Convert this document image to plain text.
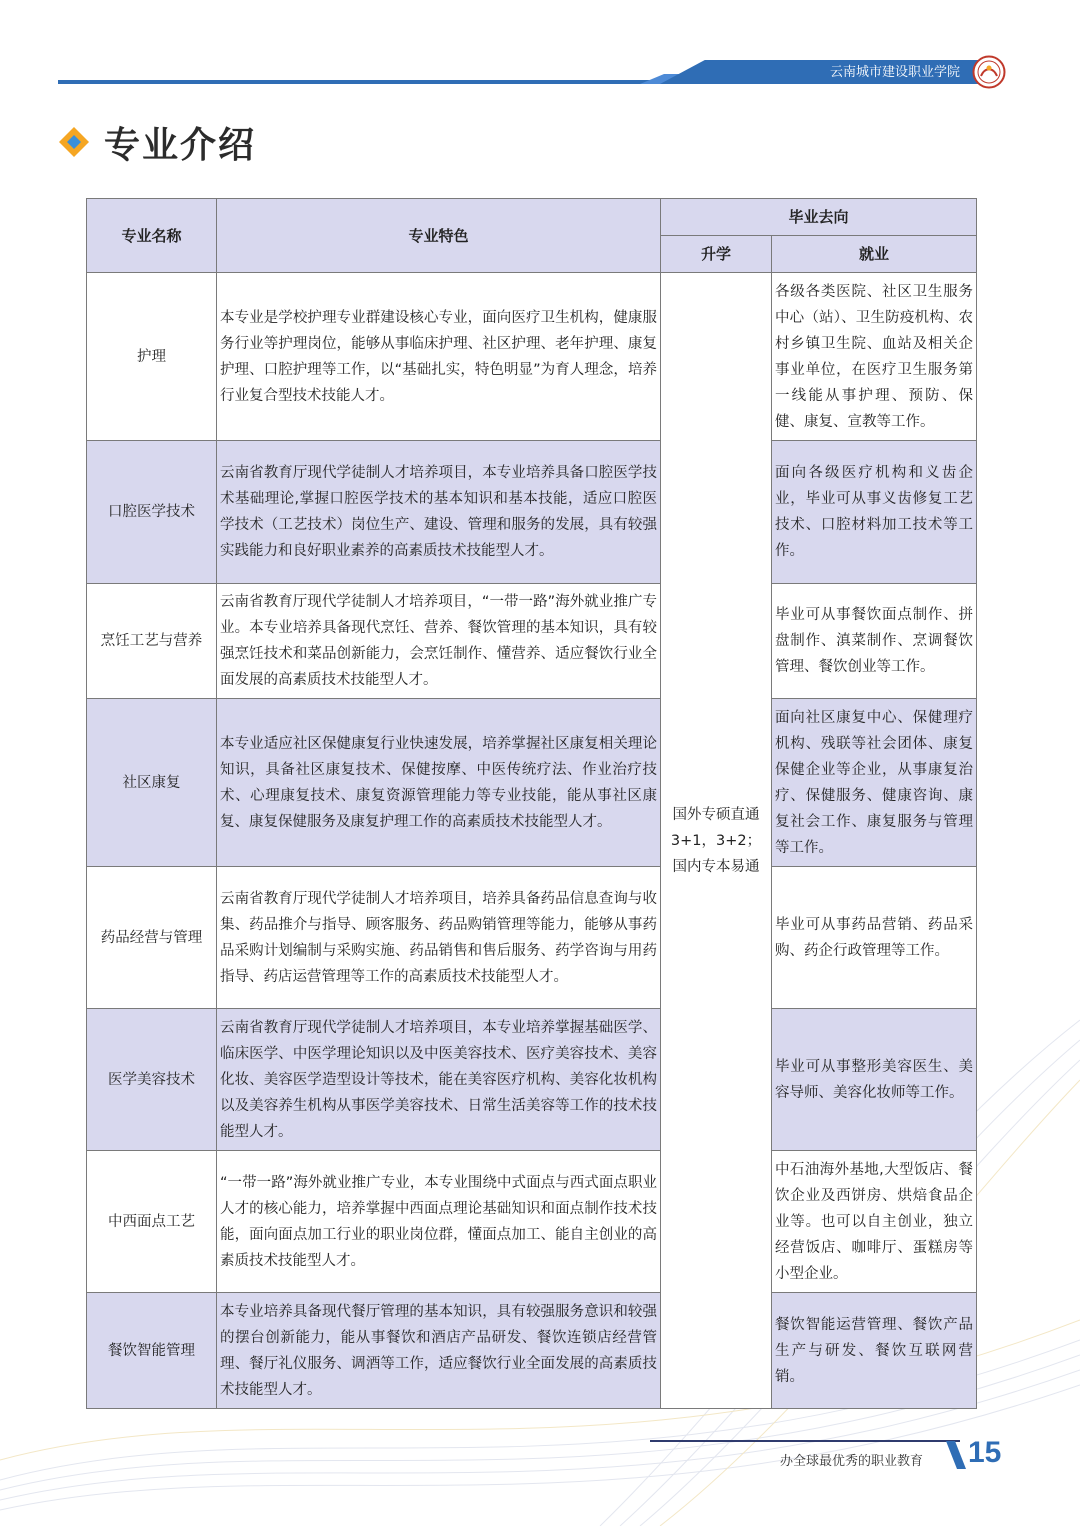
云南城市建设职业学院
专业介绍
专业名称	专业特色	毕业去向	
		升学	就业
护理	本专业是学校护理专业群建设核心专业，面向医疗卫生机构，健康服务行业等护理岗位，能够从事临床护理、社区护理、老年护理、康复护理、口腔护理等工作，以“基础扎实，特色明显”为育人理念，培养行业复合型技术技能人才。	国外专硕直通
3+1，3+2；
国内专本易通	各级各类医院、社区卫生服务中心（站）、卫生防疫机构、农村乡镇卫生院、血站及相关企事业单位，在医疗卫生服务第一线能从事护理、预防、保健、康复、宣教等工作。
口腔医学技术	云南省教育厅现代学徒制人才培养项目，本专业培养具备口腔医学技术基础理论,掌握口腔医学技术的基本知识和基本技能，适应口腔医学技术（工艺技术）岗位生产、建设、管理和服务的发展，具有较强实践能力和良好职业素养的高素质技术技能型人才。		面向各级医疗机构和义齿企业，毕业可从事义齿修复工艺技术、口腔材料加工技术等工作。
烹饪工艺与营养	云南省教育厅现代学徒制人才培养项目，“一带一路”海外就业推广专业。本专业培养具备现代烹饪、营养、餐饮管理的基本知识，具有较强烹饪技术和菜品创新能力，会烹饪制作、懂营养、适应餐饮行业全面发展的高素质技术技能型人才。		毕业可从事餐饮面点制作、拼盘制作、滇菜制作、烹调餐饮管理、餐饮创业等工作。
社区康复	本专业适应社区保健康复行业快速发展，培养掌握社区康复相关理论知识，具备社区康复技术、保健按摩、中医传统疗法、作业治疗技术、心理康复技术、康复资源管理能力等专业技能，能从事社区康复、康复保健服务及康复护理工作的高素质技术技能型人才。		面向社区康复中心、保健理疗机构、残联等社会团体、康复保健企业等企业，从事康复治疗、保健服务、健康咨询、康复社会工作、康复服务与管理等工作。
药品经营与管理	云南省教育厅现代学徒制人才培养项目，培养具备药品信息查询与收集、药品推介与指导、顾客服务、药品购销管理等能力，能够从事药品采购计划编制与采购实施、药品销售和售后服务、药学咨询与用药指导、药店运营管理等工作的高素质技术技能型人才。		毕业可从事药品营销、药品采购、药企行政管理等工作。
医学美容技术	云南省教育厅现代学徒制人才培养项目，本专业培养掌握基础医学、临床医学、中医学理论知识以及中医美容技术、医疗美容技术、美容化妆、美容医学造型设计等技术，能在美容医疗机构、美容化妆机构以及美容养生机构从事医学美容技术、日常生活美容等工作的技术技能型人才。		毕业可从事整形美容医生、美容导师、美容化妆师等工作。
中西面点工艺	“一带一路”海外就业推广专业，本专业围绕中式面点与西式面点职业人才的核心能力，培养掌握中西面点理论基础知识和面点制作技术技能，面向面点加工行业的职业岗位群，懂面点加工、能自主创业的高素质技术技能型人才。		中石油海外基地,大型饭店、餐饮企业及西饼房、烘焙食品企业等。也可以自主创业，独立经营饭店、咖啡厅、蛋糕房等小型企业。
餐饮智能管理	本专业培养具备现代餐厅管理的基本知识，具有较强服务意识和较强的摆台创新能力，能从事餐饮和酒店产品研发、餐饮连锁店经营管理、餐厅礼仪服务、调酒等工作，适应餐饮行业全面发展的高素质技术技能型人才。		餐饮智能运营管理、餐饮产品生产与研发、餐饮互联网营销。
办全球最优秀的职业教育	15
